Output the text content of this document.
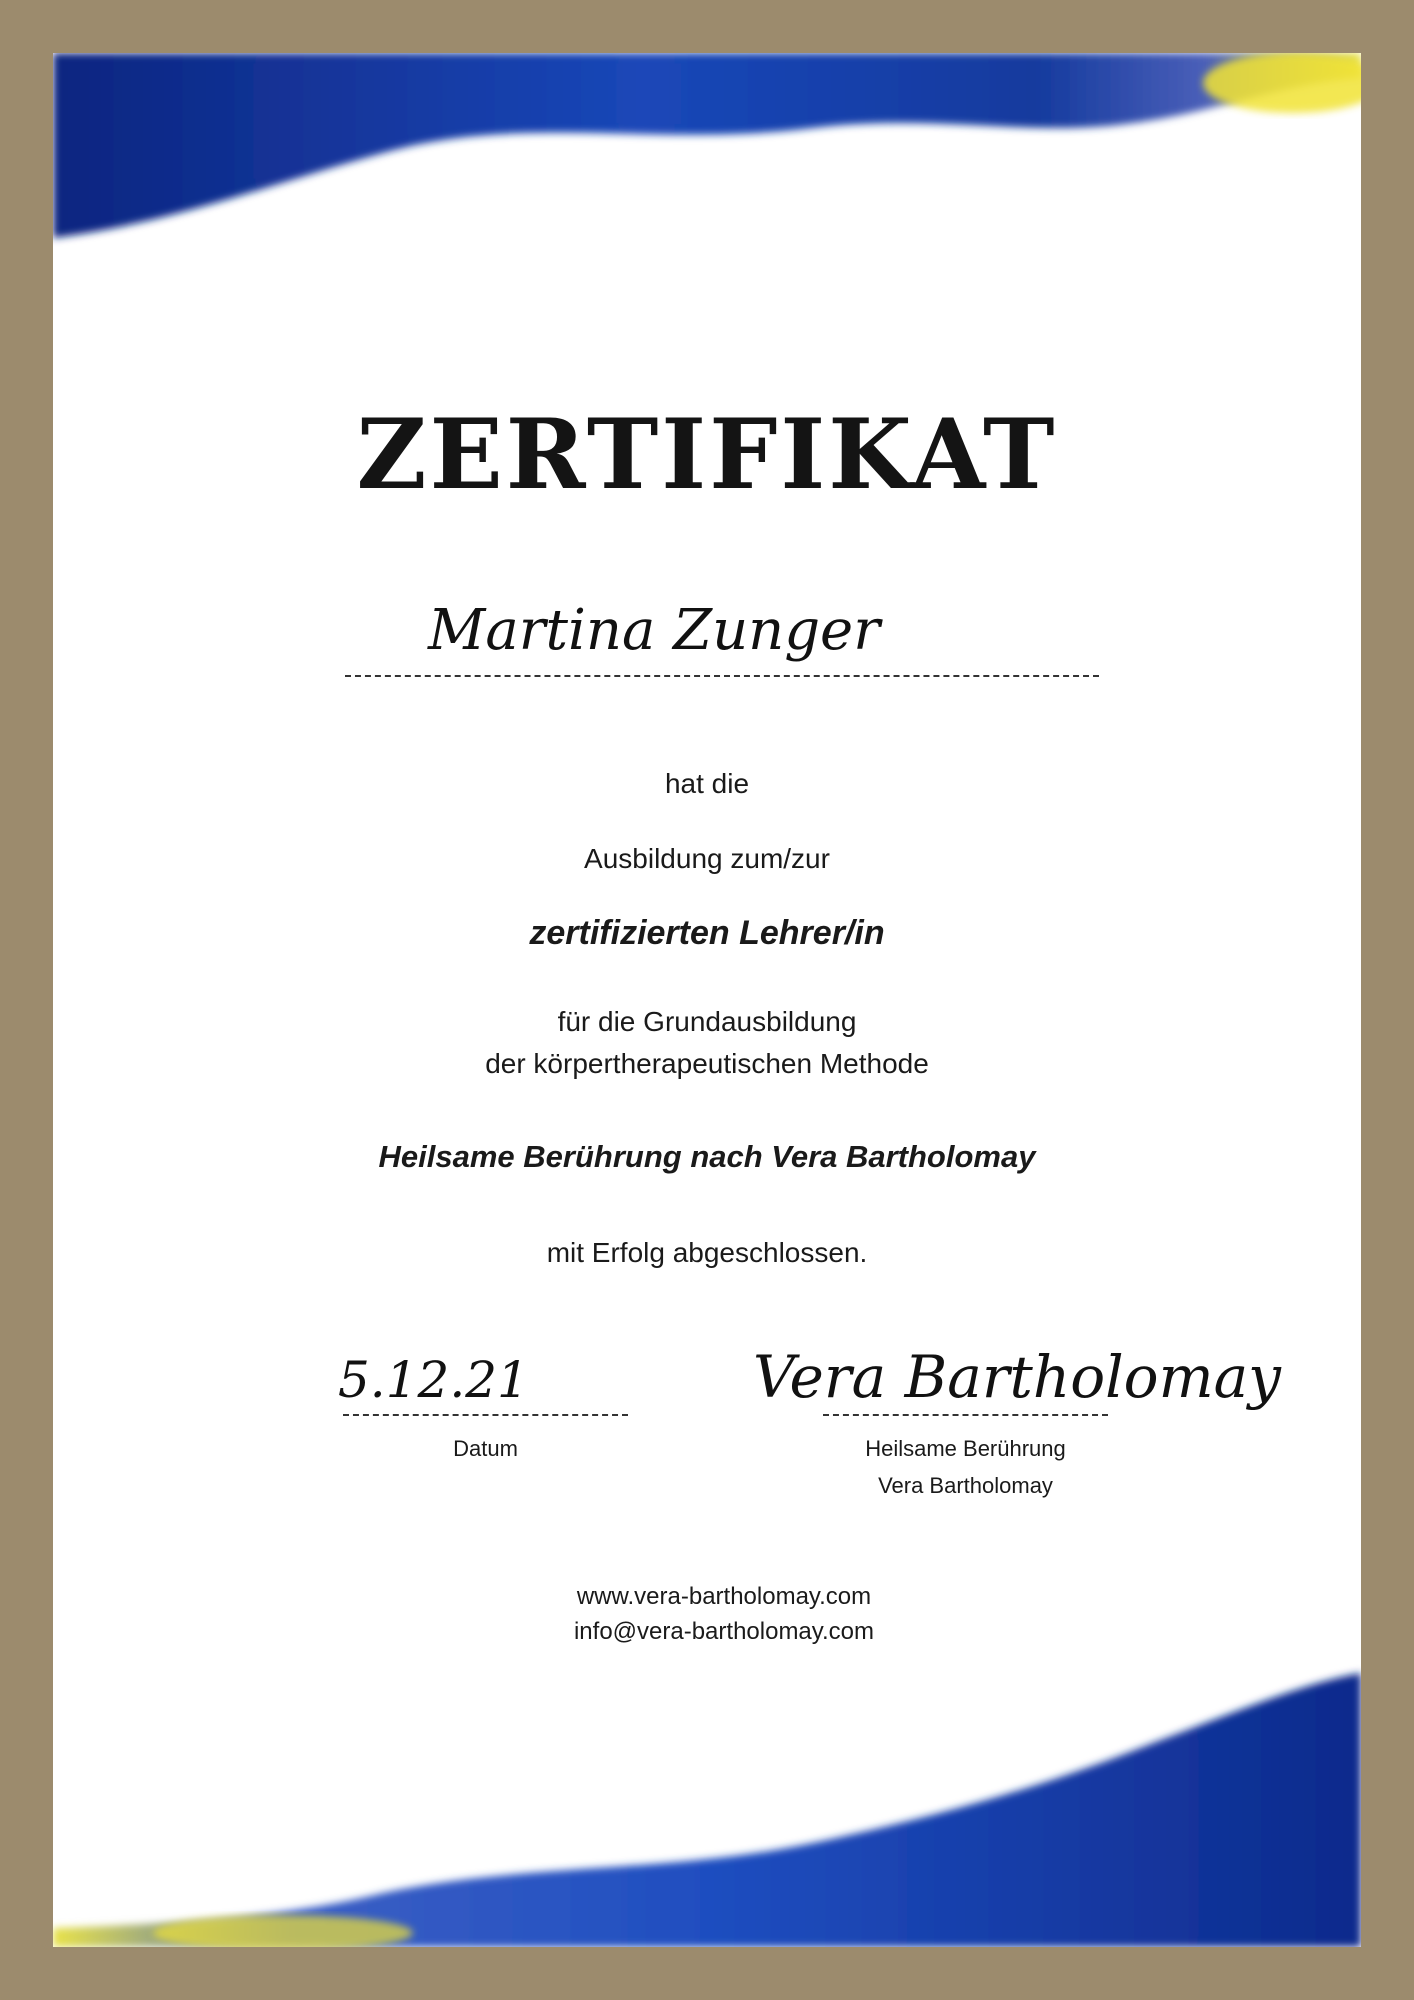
ZERTIFIKAT
Martina Zunger
hat die
Ausbildung zum/zur
zertifizierten Lehrer/in
für die Grundausbildung
der körpertherapeutischen Methode
Heilsame Berührung nach Vera Bartholomay
mit Erfolg abgeschlossen.
5.12.21
Datum
Vera Bartholomay
Heilsame Berührung
Vera Bartholomay
www.vera-bartholomay.com
info@vera-bartholomay.com
